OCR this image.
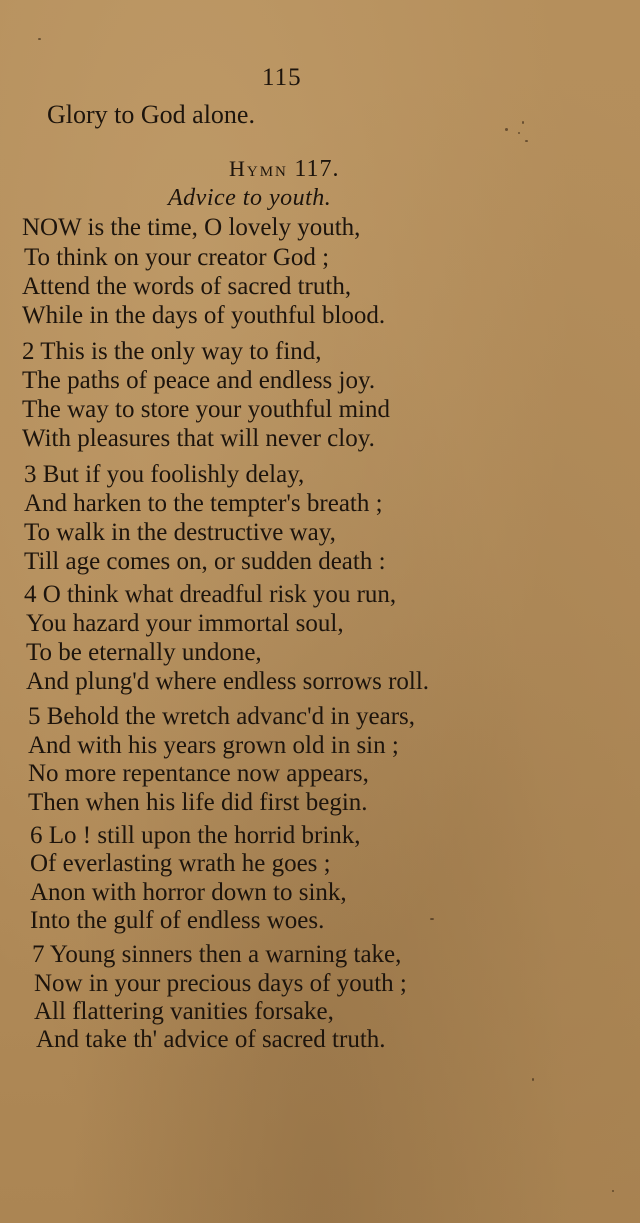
115
Glory to God alone.
Hymn 117.
Advice to youth.
NOW is the time, O lovely youth,
To think on your creator God ;
Attend the words of sacred truth,
While in the days of youthful blood.
2 This is the only way to find,
The paths of peace and endless joy.
The way to store your youthful mind
With pleasures that will never cloy.
3 But if you foolishly delay,
And harken to the tempter's breath ;
To walk in the destructive way,
Till age comes on, or sudden death :
4 O think what dreadful risk you run,
You hazard your immortal soul,
To be eternally undone,
And plung'd where endless sorrows roll.
5 Behold the wretch advanc'd in years,
And with his years grown old in sin ;
No more repentance now appears,
Then when his life did first begin.
6 Lo ! still upon the horrid brink,
Of everlasting wrath he goes ;
Anon with horror down to sink,
Into the gulf of endless woes.
7 Young sinners then a warning take,
Now in your precious days of youth ;
All flattering vanities forsake,
And take th' advice of sacred truth.
